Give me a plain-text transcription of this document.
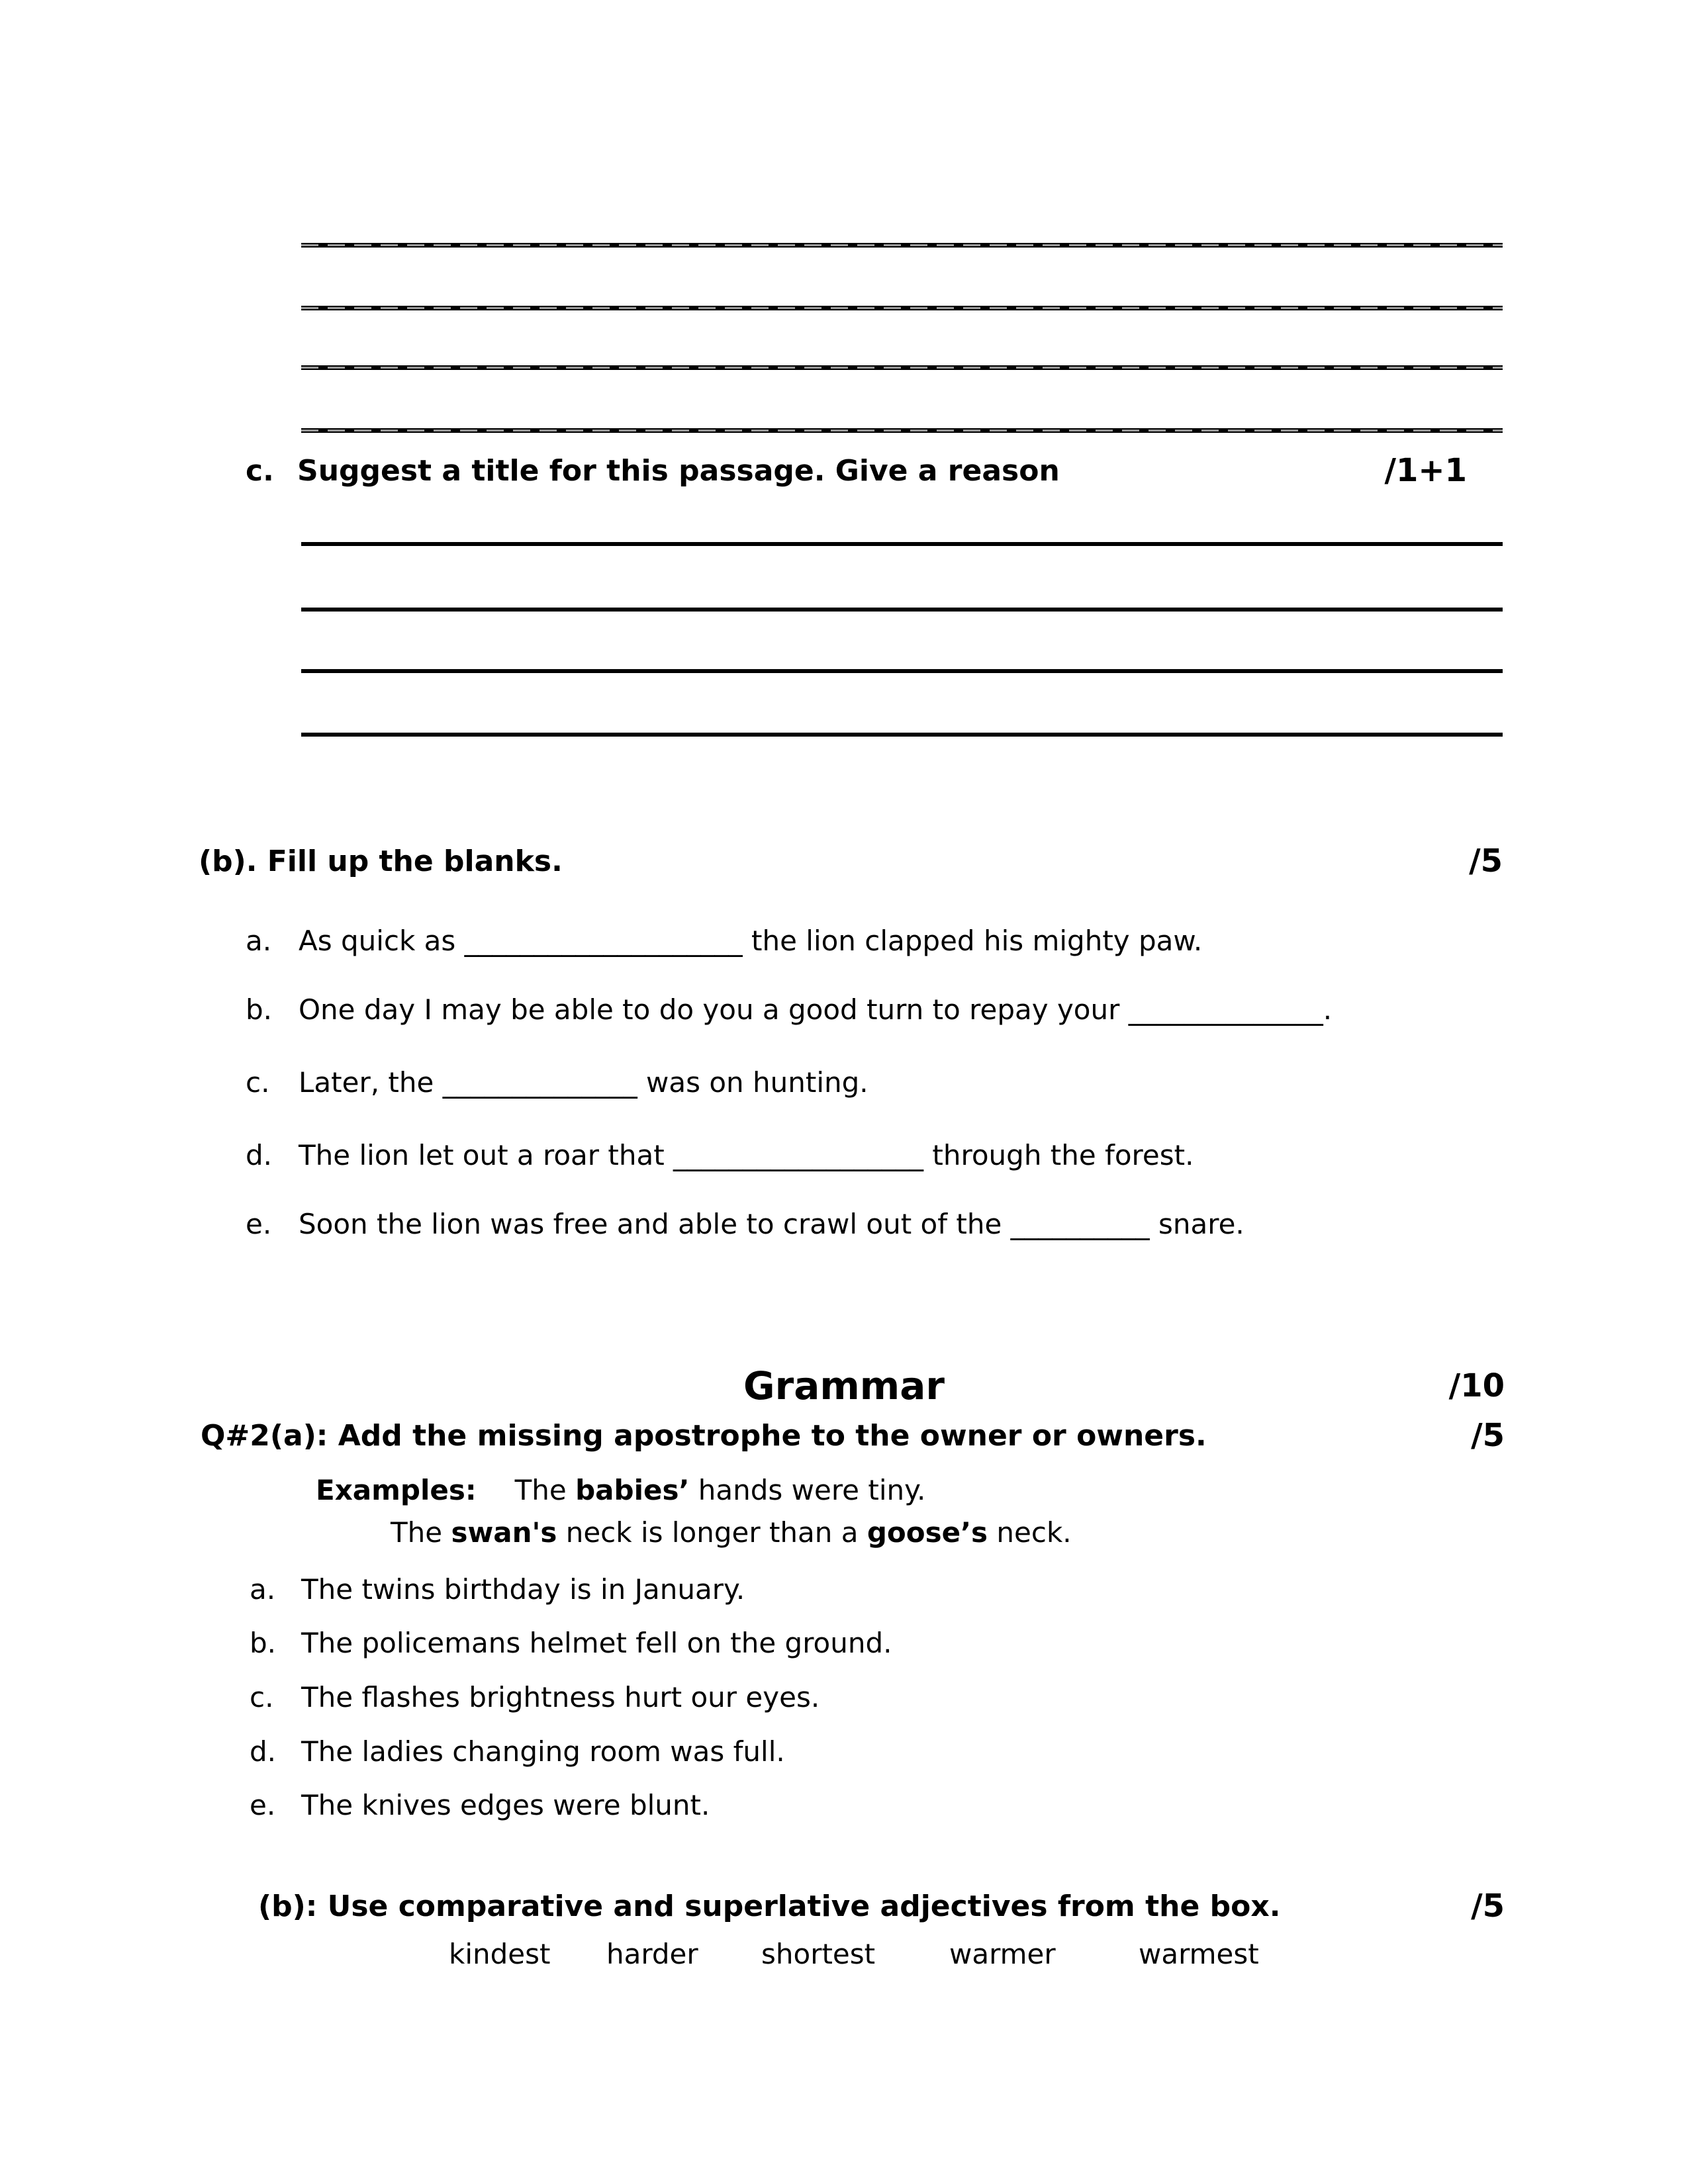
c. Suggest a title for this passage. Give a reason	/1+1
(b). Fill up the blanks.	/5
a. As quick as ____________________ the lion clapped his mighty paw.
b. One day I may be able to do you a good turn to repay your ______________.
c. Later, the ______________ was on hunting.
d. The lion let out a roar that __________________ through the forest.
e. Soon the lion was free and able to crawl out of the __________ snare.
Grammar	/10
Q#2(a): Add the missing apostrophe to the owner or owners.	/5
Examples: The babies’ hands were tiny.
The swan's neck is longer than a goose’s neck.
a. The twins birthday is in January.
b. The policemans helmet fell on the ground.
c. The flashes brightness hurt our eyes.
d. The ladies changing room was full.
e. The knives edges were blunt.
(b): Use comparative and superlative adjectives from the box.	/5
kindest harder shortest	warmer	warmest
